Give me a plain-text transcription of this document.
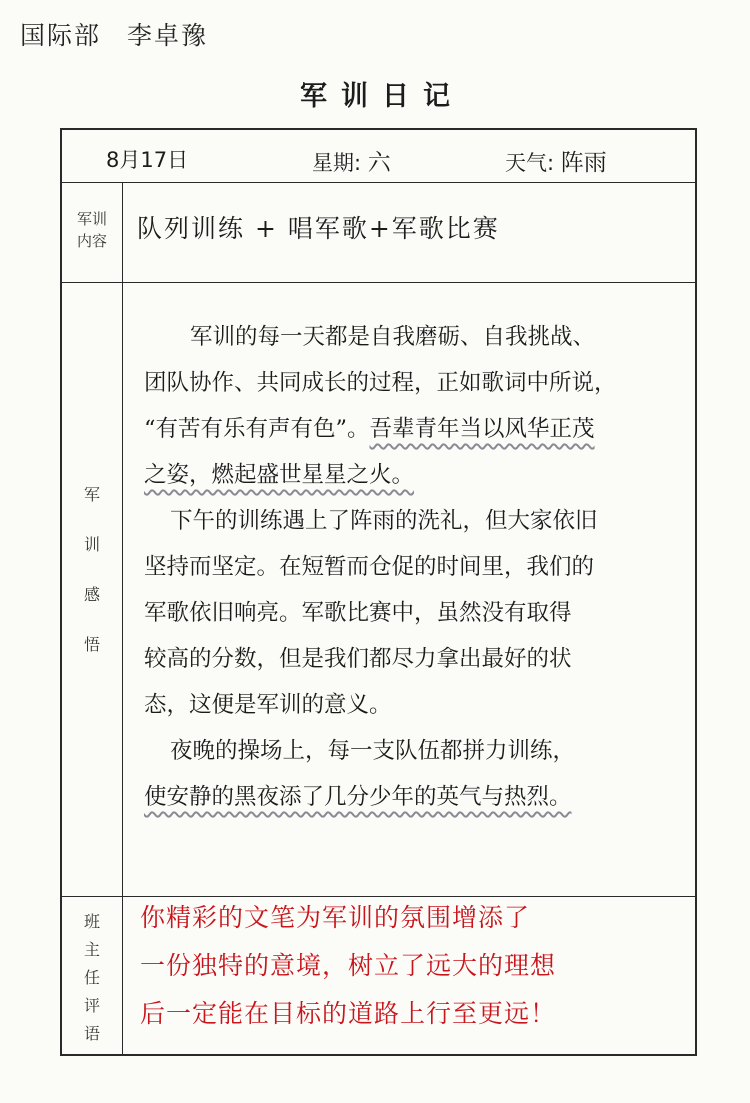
国际部 李卓豫
军训日记
8月17日	星期: 六	天气: 阵雨
军训
内容
军
训
感
悟
班
主
任
评
语
队列训练 + 唱军歌+军歌比赛
军训的每一天都是自我磨砺、自我挑战、
团队协作、共同成长的过程，正如歌词中所说，
“有苦有乐有声有色”。吾辈青年当以风华正茂
之姿，燃起盛世星星之火。
下午的训练遇上了阵雨的洗礼，但大家依旧
坚持而坚定。在短暂而仓促的时间里，我们的
军歌依旧响亮。军歌比赛中，虽然没有取得
较高的分数，但是我们都尽力拿出最好的状
态，这便是军训的意义。
夜晚的操场上，每一支队伍都拼力训练，
使安静的黑夜添了几分少年的英气与热烈。
你精彩的文笔为军训的氛围增添了
一份独特的意境，树立了远大的理想
后一定能在目标的道路上行至更远！
